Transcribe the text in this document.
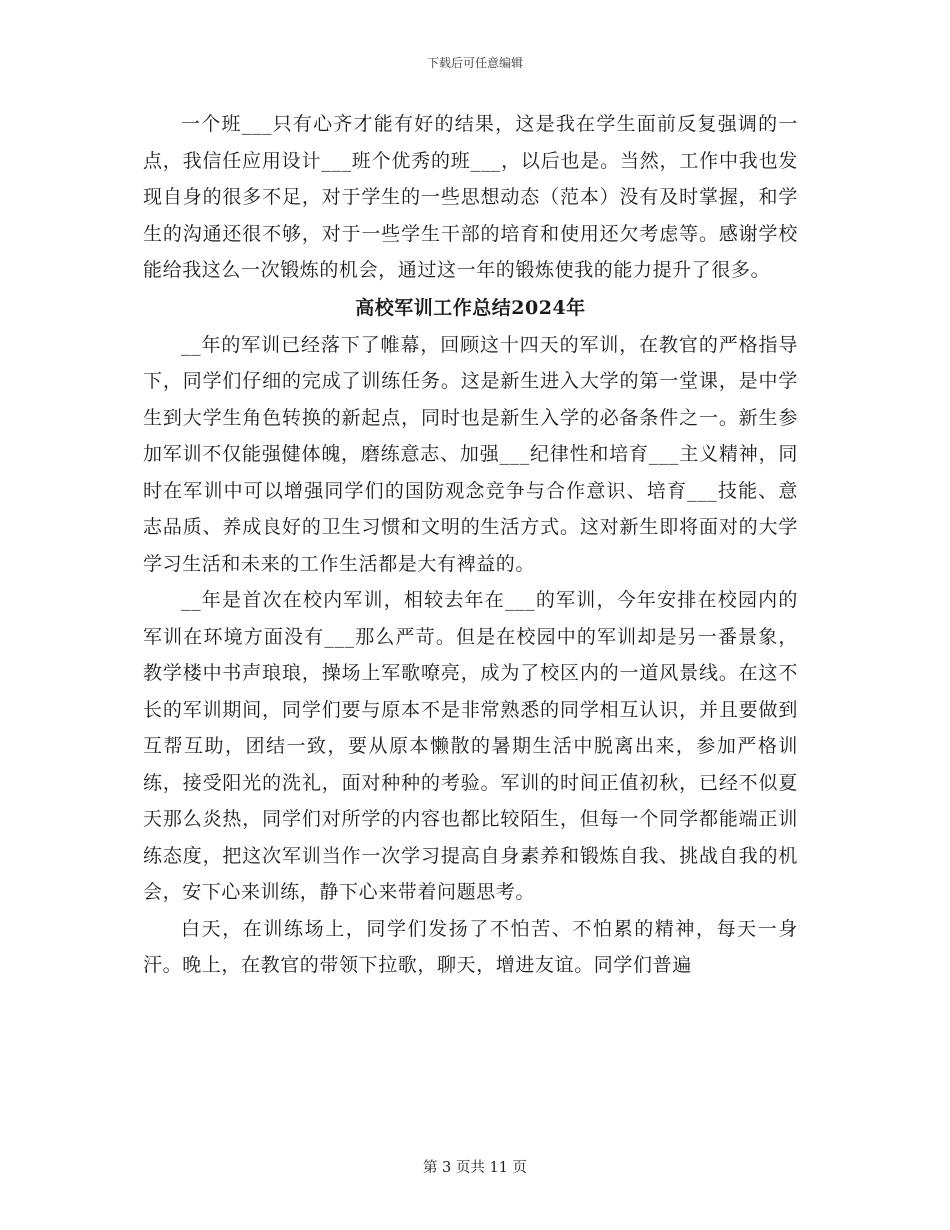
下载后可任意编辑

一个班___只有心齐才能有好的结果，这是我在学生面前反复强调的一点，我信任应用设计___班个优秀的班___，以后也是。当然，工作中我也发现自身的很多不足，对于学生的一些思想动态（范本）没有及时掌握，和学生的沟通还很不够，对于一些学生干部的培育和使用还欠考虑等。感谢学校能给我这么一次锻炼的机会，通过这一年的锻炼使我的能力提升了很多。

高校军训工作总结2024年

__年的军训已经落下了帷幕，回顾这十四天的军训，在教官的严格指导下，同学们仔细的完成了训练任务。这是新生进入大学的第一堂课，是中学生到大学生角色转换的新起点，同时也是新生入学的必备条件之一。新生参加军训不仅能强健体魄，磨练意志、加强___纪律性和培育___主义精神，同时在军训中可以增强同学们的国防观念竞争与合作意识、培育___技能、意志品质、养成良好的卫生习惯和文明的生活方式。这对新生即将面对的大学学习生活和未来的工作生活都是大有裨益的。

__年是首次在校内军训，相较去年在___的军训，今年安排在校园内的军训在环境方面没有___那么严苛。但是在校园中的军训却是另一番景象，教学楼中书声琅琅，操场上军歌嘹亮，成为了校区内的一道风景线。在这不长的军训期间，同学们要与原本不是非常熟悉的同学相互认识，并且要做到互帮互助，团结一致，要从原本懒散的暑期生活中脱离出来，参加严格训练，接受阳光的洗礼，面对种种的考验。军训的时间正值初秋，已经不似夏天那么炎热，同学们对所学的内容也都比较陌生，但每一个同学都能端正训练态度，把这次军训当作一次学习提高自身素养和锻炼自我、挑战自我的机会，安下心来训练，静下心来带着问题思考。

白天，在训练场上，同学们发扬了不怕苦、不怕累的精神，每天一身汗。晚上，在教官的带领下拉歌，聊天，增进友谊。同学们普遍

第 3 页共 11 页
